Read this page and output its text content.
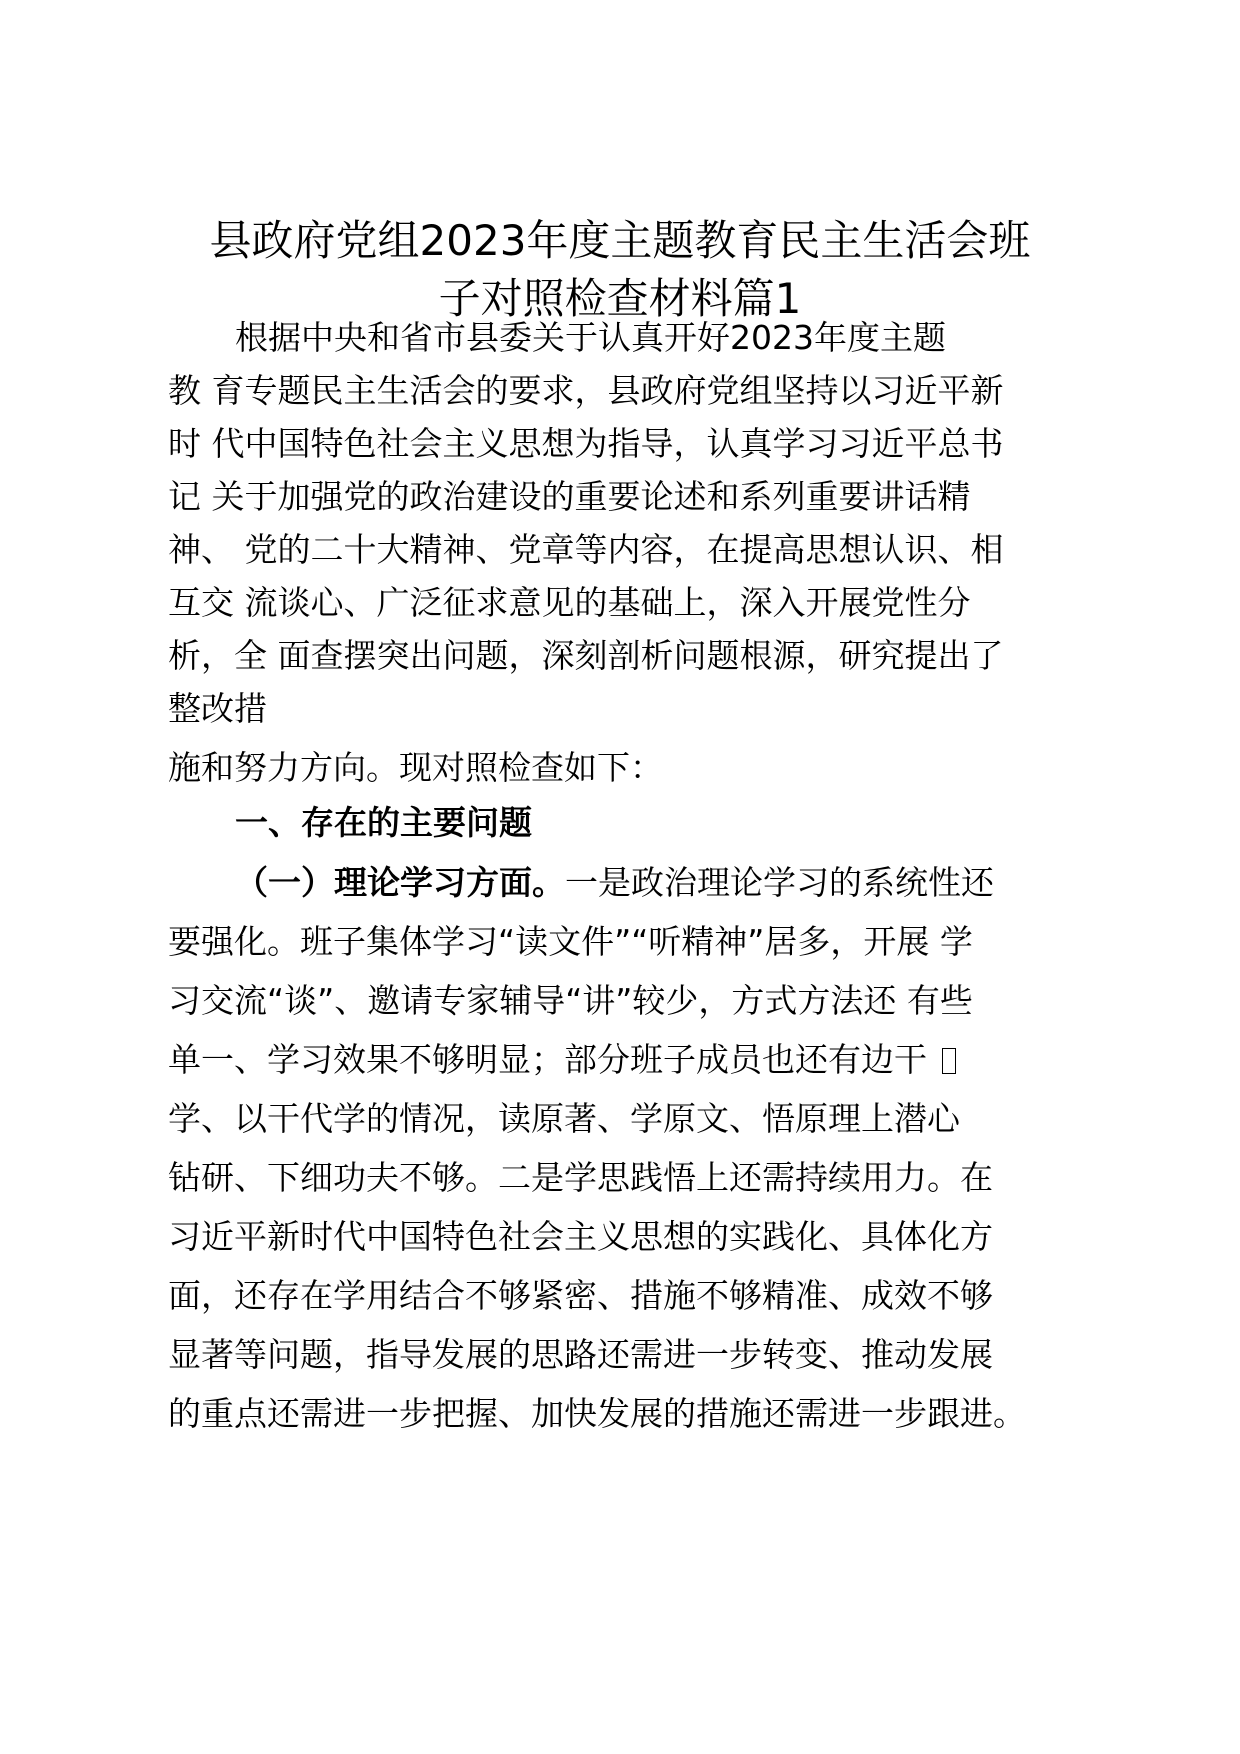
县政府党组2023年度主题教育民主生活会班
子对照检查材料篇1
根据中央和省市县委关于认真开好2023年度主题
教 育专题民主生活会的要求，县政府党组坚持以习近平新
时 代中国特色社会主义思想为指导，认真学习习近平总书
记 关于加强党的政治建设的重要论述和系列重要讲话精
神、 党的二十大精神、党章等内容，在提高思想认识、相
互交 流谈心、广泛征求意见的基础上，深入开展党性分
析，全 面查摆突出问题，深刻剖析问题根源，研究提出了
整改措
施和努力方向。现对照检查如下：
一、存在的主要问题
（一）理论学习方面。一是政治理论学习的系统性还
要强化。班子集体学习“读文件”“听精神”居多，开展 学
习交流“谈”、邀请专家辅导“讲”较少，方式方法还 有些
单一、学习效果不够明显；部分班子成员也还有边干
学、以干代学的情况，读原著、学原文、悟原理上潜心
钻研、下细功夫不够。二是学思践悟上还需持续用力。在
习近平新时代中国特色社会主义思想的实践化、具体化方
面，还存在学用结合不够紧密、措施不够精准、成效不够
显著等问题，指导发展的思路还需进一步转变、推动发展
的重点还需进一步把握、加快发展的措施还需进一步跟进。
